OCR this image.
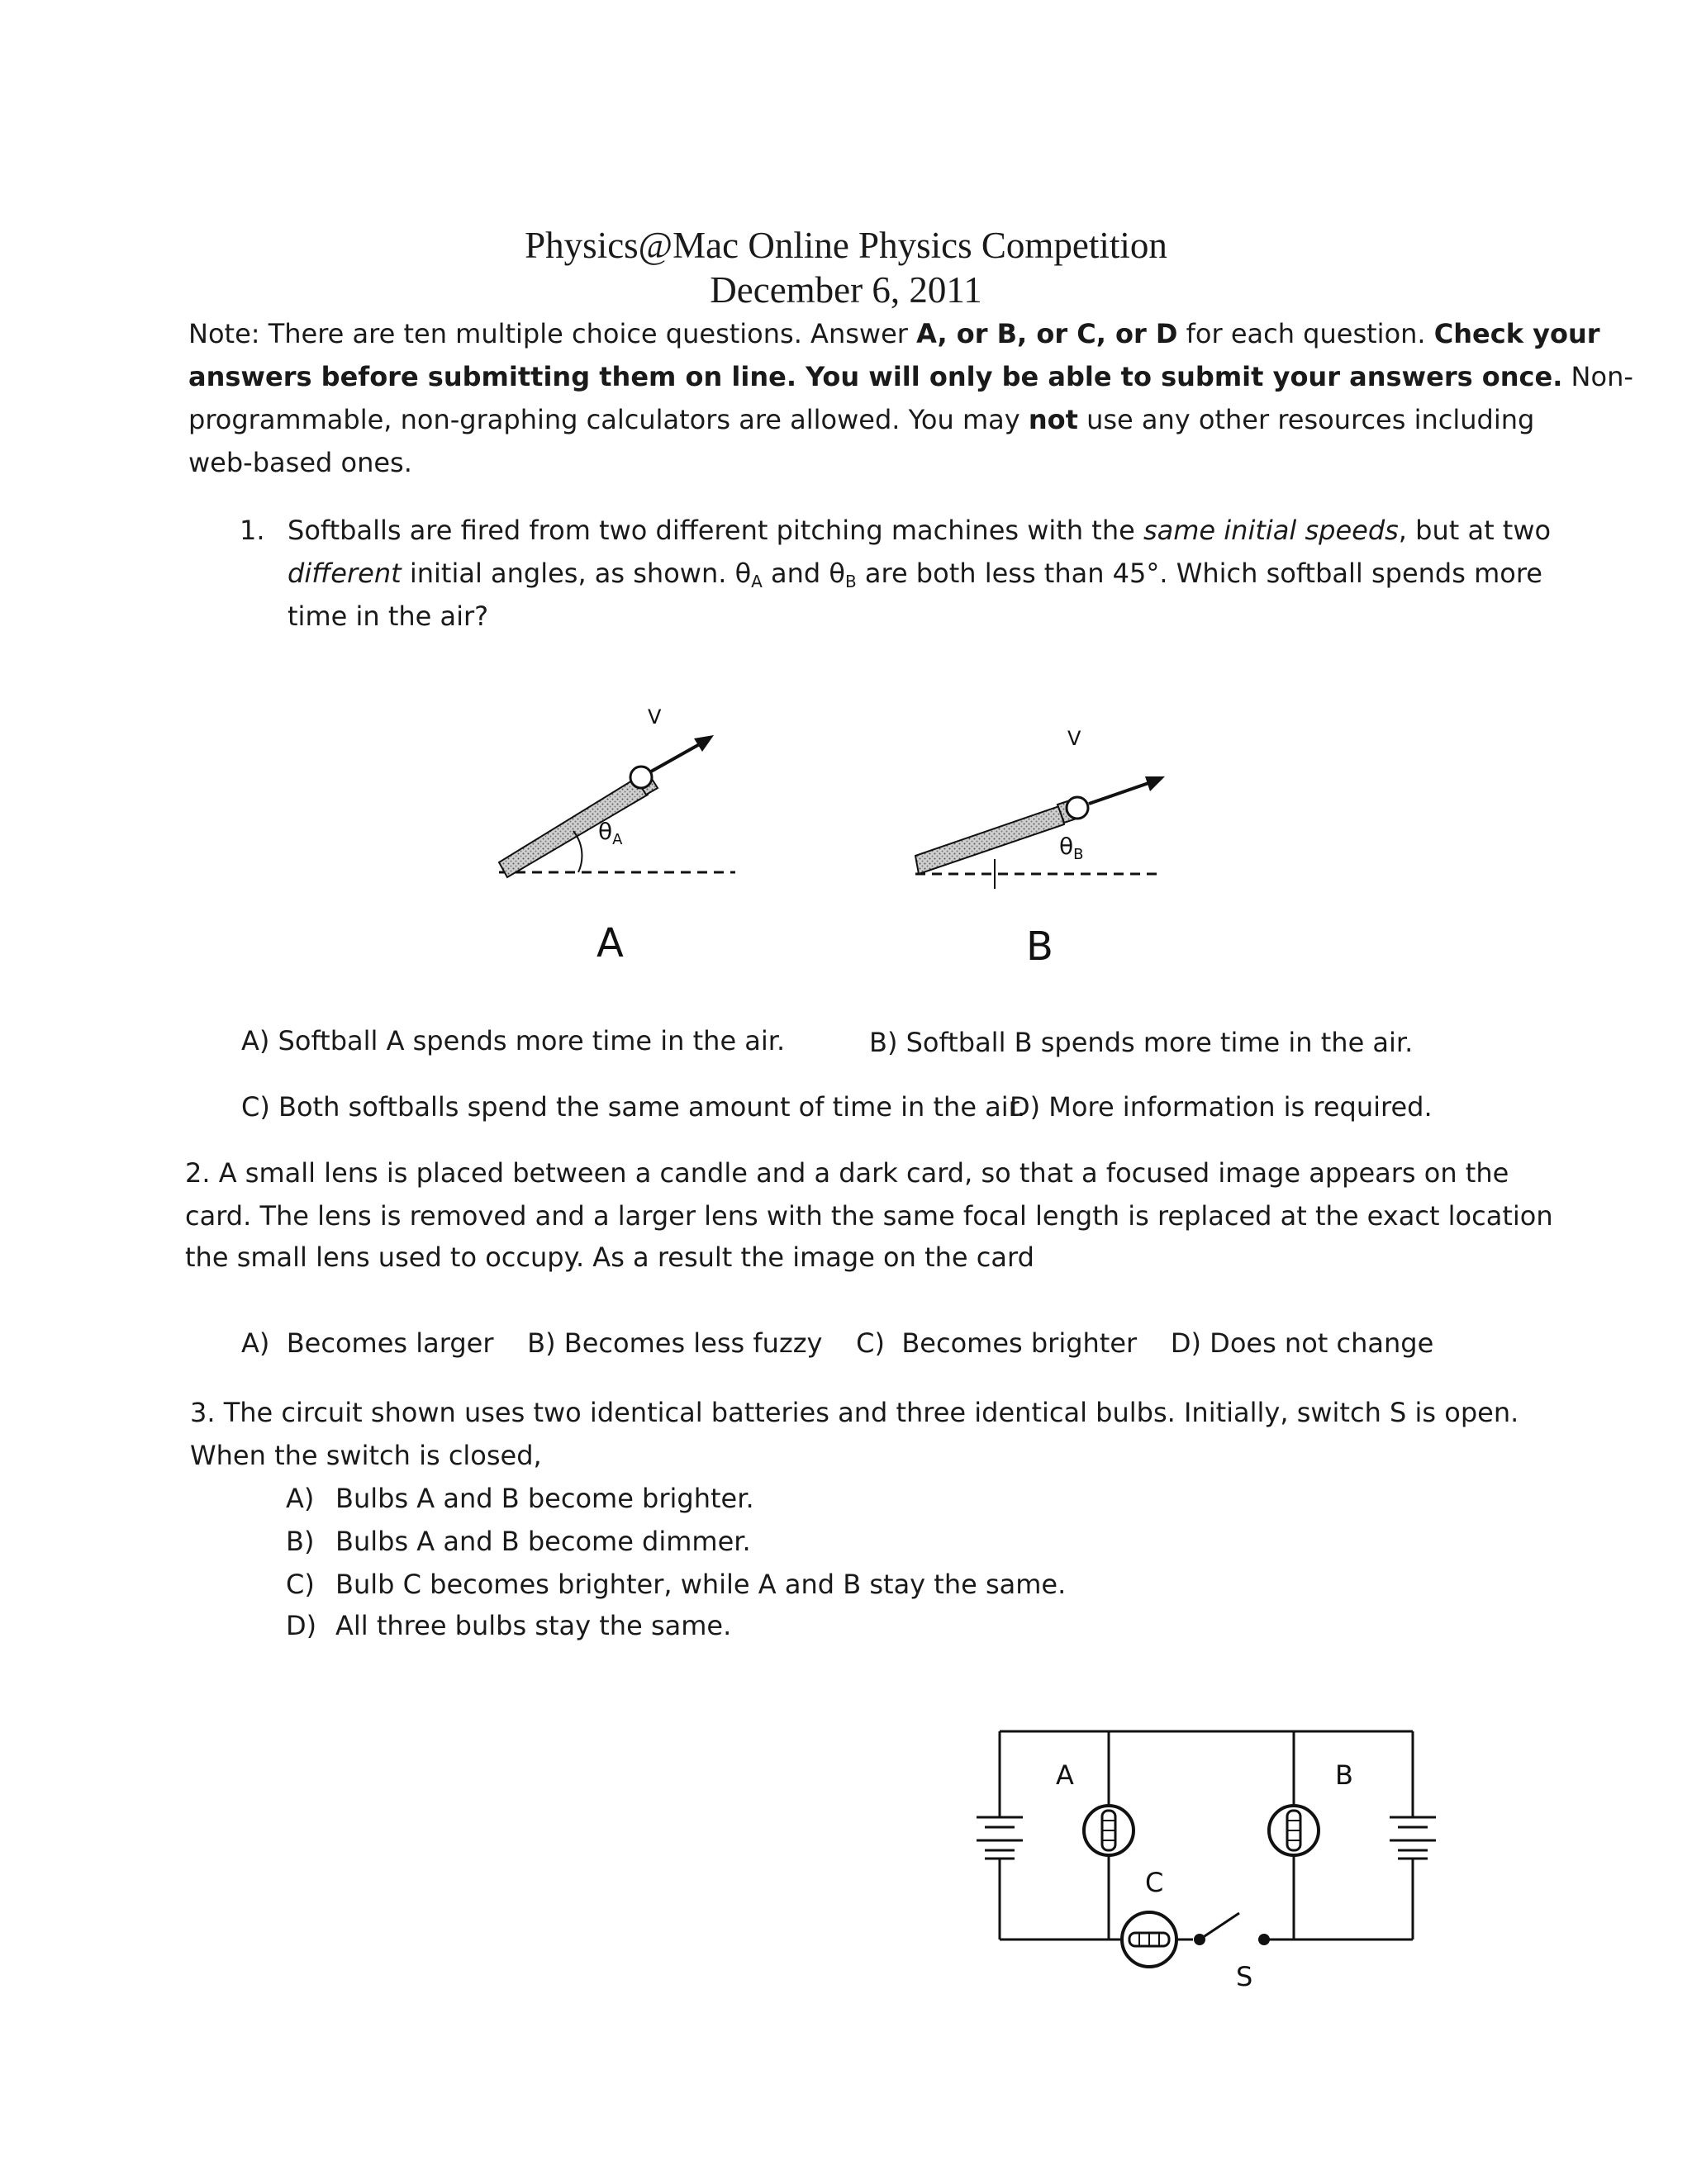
Physics@Mac Online Physics Competition
December 6, 2011
Note: There are ten multiple choice questions. Answer A, or B, or C, or D for each question. Check your
answers before submitting them on line. You will only be able to submit your answers once. Non-
programmable, non-graphing calculators are allowed. You may not use any other resources including
web-based ones.
1. Softballs are fired from two different pitching machines with the same initial speeds, but at two
different initial angles, as shown. $\theta_A$ and $\theta_B$ are both less than 45°. Which softball spends more
time in the air?
V
$\theta_A$
V
$\theta_B$
A	B
A) Softball A spends more time in the air.	B) Softball B spends more time in the air.
C) Both softballs spend the same amount of time in the air.
D) More information is required.
2. A small lens is placed between a candle and a dark card, so that a focused image appears on the
card. The lens is removed and a larger lens with the same focal length is replaced at the exact location
the small lens used to occupy. As a result the image on the card
A)  Becomes larger    B) Becomes less fuzzy    C)  Becomes brighter    D) Does not change
3. The circuit shown uses two identical batteries and three identical bulbs. Initially, switch S is open.
When the switch is closed,
A) Bulbs A and B become brighter.
B) Bulbs A and B become dimmer.
C) Bulb C becomes brighter, while A and B stay the same.
D) All three bulbs stay the same.
A	B
C
S
